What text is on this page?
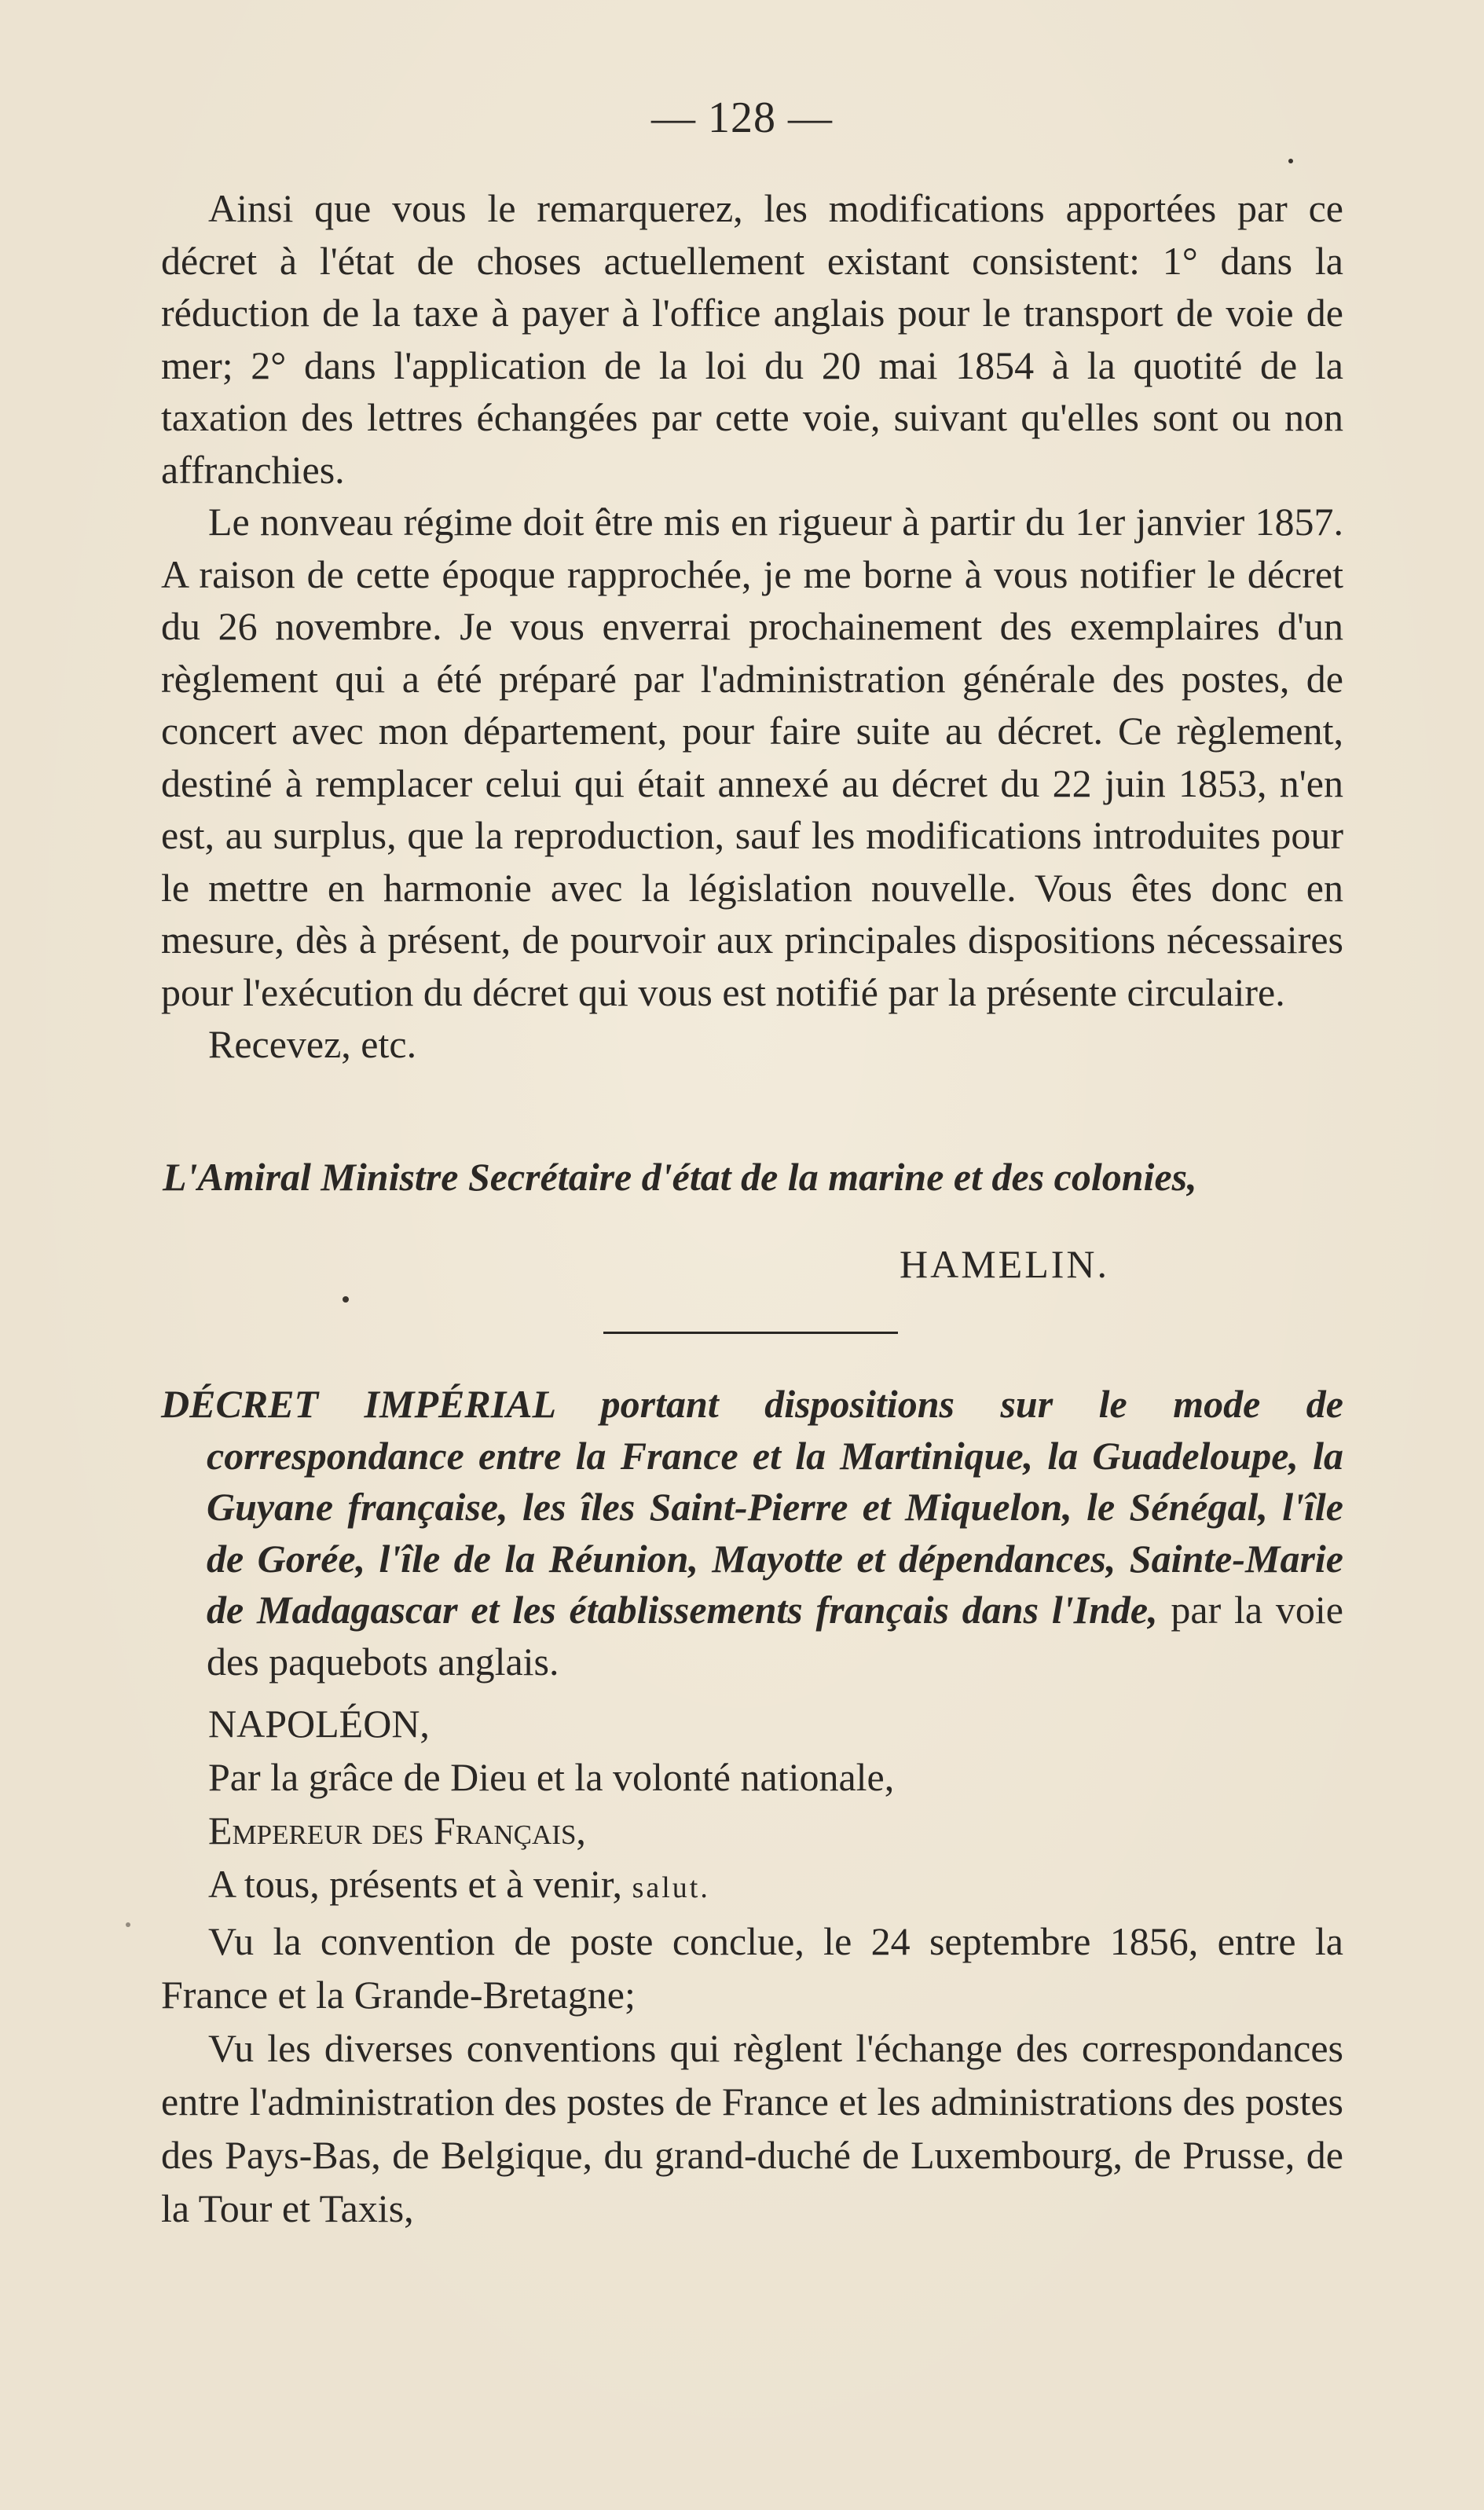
— 128 —

Ainsi que vous le remarquerez, les modifications apportées par ce décret à l'état de choses actuellement existant consistent: 1° dans la réduction de la taxe à payer à l'office anglais pour le transport de voie de mer; 2° dans l'application de la loi du 20 mai 1854 à la quotité de la taxation des lettres échangées par cette voie, suivant qu'elles sont ou non affranchies.

Le nonveau régime doit être mis en rigueur à partir du 1er janvier 1857. A raison de cette époque rapprochée, je me borne à vous notifier le décret du 26 novembre. Je vous enverrai prochainement des exemplaires d'un règlement qui a été préparé par l'administration générale des postes, de concert avec mon département, pour faire suite au décret. Ce règlement, destiné à remplacer celui qui était annexé au décret du 22 juin 1853, n'en est, au surplus, que la reproduction, sauf les modifications introduites pour le mettre en harmonie avec la législation nouvelle. Vous êtes donc en mesure, dès à présent, de pourvoir aux principales dispositions nécessaires pour l'exécution du décret qui vous est notifié par la présente circulaire.

Recevez, etc.

L'Amiral Ministre Secrétaire d'état de la marine et des colonies,
HAMELIN.

DÉCRET IMPÉRIAL portant dispositions sur le mode de correspondance entre la France et la Martinique, la Guadeloupe, la Guyane française, les îles Saint-Pierre et Miquelon, le Sénégal, l'île de Gorée, l'île de la Réunion, Mayotte et dépendances, Sainte-Marie de Madagascar et les établissements français dans l'Inde, par la voie des paquebots anglais.

NAPOLÉON,

Par la grâce de Dieu et la volonté nationale,

Empereur des Français,

A tous, présents et à venir, salut.

Vu la convention de poste conclue, le 24 septembre 1856, entre la France et la Grande-Bretagne;

Vu les diverses conventions qui règlent l'échange des correspondances entre l'administration des postes de France et les administrations des postes des Pays-Bas, de Belgique, du grand-duché de Luxembourg, de Prusse, de la Tour et Taxis,
